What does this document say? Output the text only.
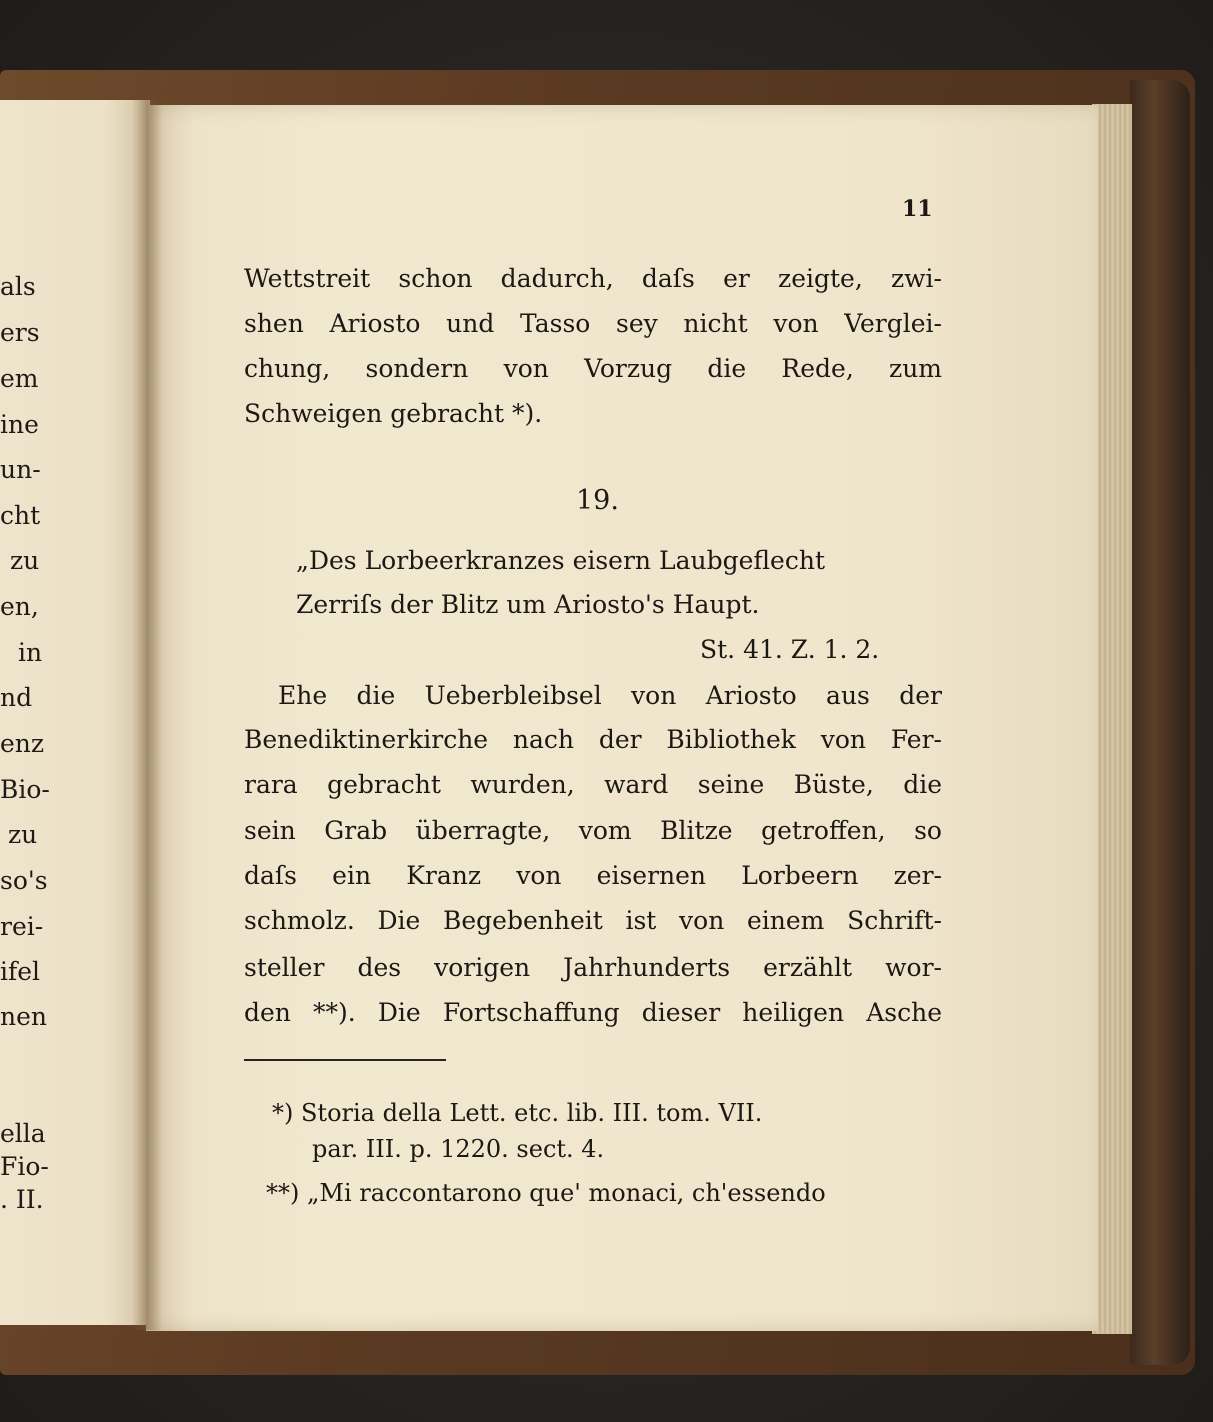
als
ers
em
ine
un-
cht
zu
en,
in
nd
enz
Bio-
zu
so's
rei-
ifel
nen
ella
Fio-
. II.
11
Wettstreit schon dadurch, daſs er zeigte, zwi-
shen Ariosto und Tasso sey nicht von Verglei-
chung, sondern von Vorzug die Rede, zum
Schweigen gebracht *).
19.
„Des Lorbeerkranzes eisern Laubgeflecht
Zerriſs der Blitz um Ariosto's Haupt.
St. 41. Z. 1. 2.
Ehe die Ueberbleibsel von Ariosto aus der
Benediktinerkirche nach der Bibliothek von Fer-
rara gebracht wurden, ward seine Büste, die
sein Grab überragte, vom Blitze getroffen, so
daſs ein Kranz von eisernen Lorbeern zer-
schmolz. Die Begebenheit ist von einem Schrift-
steller des vorigen Jahrhunderts erzählt wor-
den **). Die Fortschaffung dieser heiligen Asche
*) Storia della Lett. etc. lib. III. tom. VII.
par. III. p. 1220. sect. 4.
**) „Mi raccontarono que' monaci, ch'essendo
